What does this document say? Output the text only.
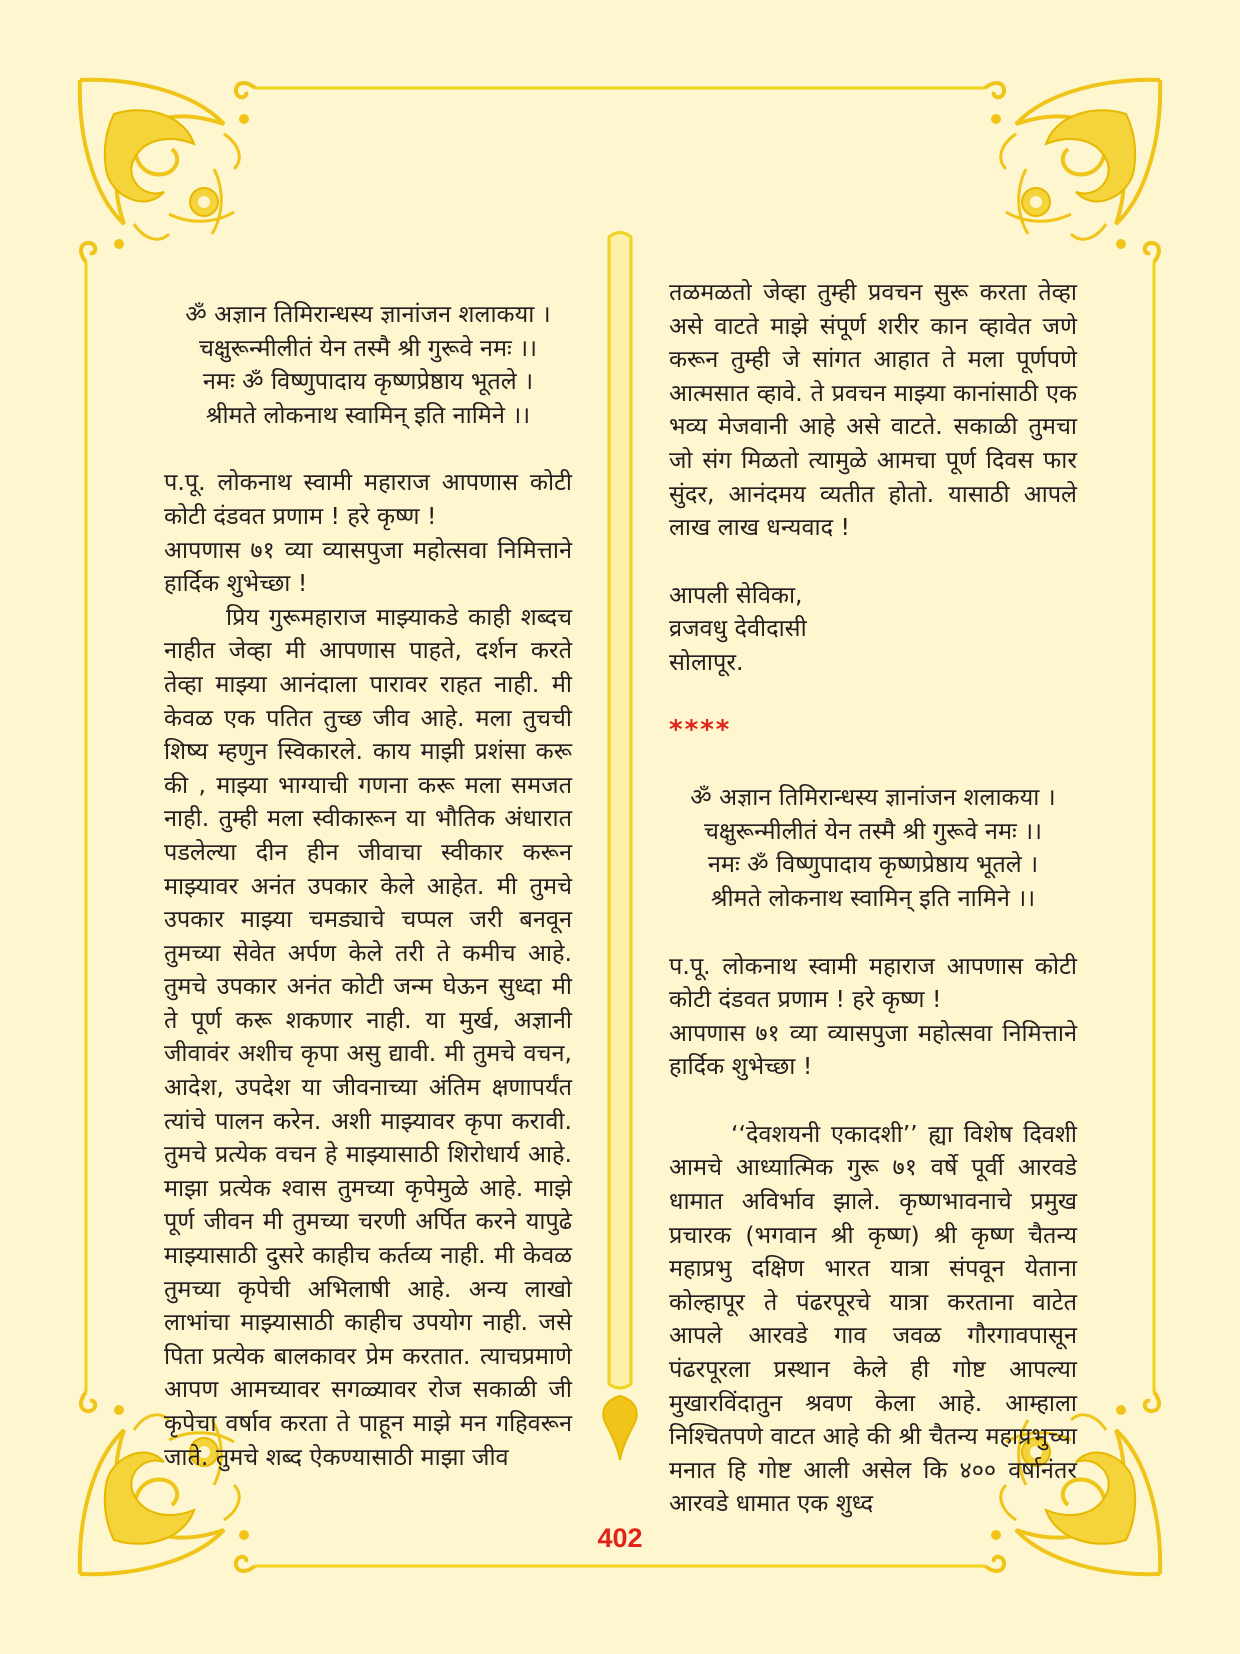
ॐ अज्ञान तिमिरान्धस्य ज्ञानांजन शलाकया ।

चक्षुरून्मीलीतं येन तस्मै श्री गुरूवे नमः ।।

नमः ॐ विष्णुपादाय कृष्णप्रेष्ठाय भूतले ।

श्रीमते लोकनाथ स्वामिन् इति नामिने ।।

प.पू. लोकनाथ स्वामी महाराज आपणास कोटी कोटी दंडवत प्रणाम ! हरे कृष्ण !

आपणास ७१ व्या व्यासपुजा महोत्सवा निमित्ताने हार्दिक शुभेच्छा !

प्रिय गुरूमहाराज माझ्याकडे काही शब्दच नाहीत जेव्हा मी आपणास पाहते, दर्शन करते तेव्हा माझ्या आनंदाला पारावर राहत नाही. मी केवळ एक पतित तुच्छ जीव आहे. मला तुचची शिष्य म्हणुन स्विकारले. काय माझी प्रशंसा करू की , माझ्या भाग्याची गणना करू मला समजत नाही. तुम्ही मला स्वीकारून या भौतिक अंधारात पडलेल्या दीन हीन जीवाचा स्वीकार करून माझ्यावर अनंत उपकार केले आहेत. मी तुमचे उपकार माझ्या चमड्याचे चप्पल जरी बनवून तुमच्या सेवेत अर्पण केले तरी ते कमीच आहे. तुमचे उपकार अनंत कोटी जन्म घेऊन सुध्दा मी ते पूर्ण करू शकणार नाही. या मुर्ख, अज्ञानी जीवावंर अशीच कृपा असु द्यावी. मी तुमचे वचन, आदेश, उपदेश या जीवनाच्या अंतिम क्षणापर्यंत त्यांचे पालन करेन. अशी माझ्यावर कृपा करावी. तुमचे प्रत्येक वचन हे माझ्यासाठी शिरोधार्य आहे. माझा प्रत्येक श्वास तुमच्या कृपेमुळे आहे. माझे पूर्ण जीवन मी तुमच्या चरणी अर्पित करने यापुढे माझ्यासाठी दुसरे काहीच कर्तव्य नाही. मी केवळ तुमच्या कृपेची अभिलाषी आहे. अन्य लाखो लाभांचा माझ्यासाठी काहीच उपयोग नाही. जसे पिता प्रत्येक बालकावर प्रेम करतात. त्याचप्रमाणे आपण आमच्यावर सगळ्यावर रोज सकाळी जी कृपेचा वर्षाव करता ते पाहून माझे मन गहिवरून जाते. तुमचे शब्द ऐकण्यासाठी माझा जीव

तळमळतो जेव्हा तुम्ही प्रवचन सुरू करता तेव्हा असे वाटते माझे संपूर्ण शरीर कान व्हावेत जणे करून तुम्ही जे सांगत आहात ते मला पूर्णपणे आत्मसात व्हावे. ते प्रवचन माझ्या कानांसाठी एक भव्य मेजवानी आहे असे वाटते. सकाळी तुमचा जो संग मिळतो त्यामुळे आमचा पूर्ण दिवस फार सुंदर, आनंदमय व्यतीत होतो. यासाठी आपले लाख लाख धन्यवाद !

आपली सेविका,

व्रजवधु देवीदासी

सोलापूर.

****

ॐ अज्ञान तिमिरान्धस्य ज्ञानांजन शलाकया ।

चक्षुरून्मीलीतं येन तस्मै श्री गुरूवे नमः ।।

नमः ॐ विष्णुपादाय कृष्णप्रेष्ठाय भूतले ।

श्रीमते लोकनाथ स्वामिन् इति नामिने ।।

प.पू. लोकनाथ स्वामी महाराज आपणास कोटी कोटी दंडवत प्रणाम ! हरे कृष्ण !

आपणास ७१ व्या व्यासपुजा महोत्सवा निमित्ताने हार्दिक शुभेच्छा !

‘‘देवशयनी एकादशी’’ ह्या विशेष दिवशी आमचे आध्यात्मिक गुरू ७१ वर्षे पूर्वी आरवडे धामात अविर्भाव झाले. कृष्णभावनाचे प्रमुख प्रचारक (भगवान श्री कृष्ण) श्री कृष्ण चैतन्य महाप्रभु दक्षिण भारत यात्रा संपवून येताना कोल्हापूर ते पंढरपूरचे यात्रा करताना वाटेत आपले आरवडे गाव जवळ गौरगावपासून पंढरपूरला प्रस्थान केले ही गोष्ट आपल्या मुखारविंदातुन श्रवण केला आहे. आम्हाला निश्चितपणे वाटत आहे की श्री चैतन्य महाप्रभुच्या मनात हि गोष्ट आली असेल कि ४०० वर्षानंतर आरवडे धामात एक शुध्द

402
